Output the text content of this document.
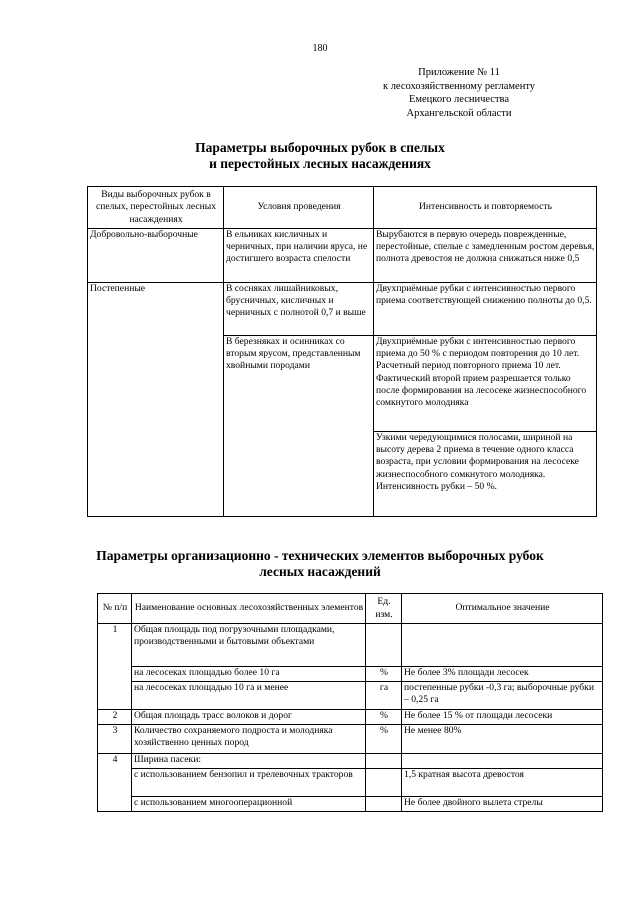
180
Приложение № 11
к лесохозяйственному регламенту
Емецкого лесничества
Архангельской области
Параметры выборочных рубок в спелых
и перестойных лесных насаждениях
Виды выборочных рубок в спелых, перестойных лесных насаждениях	Условия проведения	Интенсивность и повторяемость
Добровольно-выборочные	В ельниках кисличных и черничных, при наличии яруса, не достигшего возраста спелости	Вырубаются в первую очередь поврежденные, перестойные, спелые с замедленным ростом деревья, полнота древостоя не должна снижаться ниже 0,5
Постепенные	В сосняках лишайниковых, брусничных, кисличных и черничных с полнотой 0,7 и выше	Двухприёмные рубки с интенсивностью первого приема соответствующей снижению полноты до 0,5.
	В березняках и осинниках со вторым ярусом, представленным хвойными породами	Двухприёмные рубки с интенсивностью первого приема до 50 % с периодом повторения до 10 лет. Расчетный период повторного приема 10 лет. Фактический второй прием разрешается только после формирования на лесосеке жизнеспособного сомкнутого молодняка
		Узкими чередующимися полосами, шириной на высоту дерева 2 приема в течение одного класса возраста, при условии формирования на лесосеке жизнеспособного сомкнутого молодняка. Интенсивность рубки – 50 %.
Параметры организационно - технических элементов выборочных рубок
лесных насаждений
№ п/п	Наименование основных лесохозяйственных элементов	Ед. изм.	Оптимальное значение
1	Общая площадь под погрузочными площадками, производственными и бытовыми объектами		
	на лесосеках площадью более 10 га	%	Не более 3% площади лесосек
	на лесосеках площадью 10 га и менее	га	постепенные рубки -0,3 га; выборочные рубки – 0,25 га
2	Общая площадь трасс волоков и дорог	%	Не более 15 % от площади лесосеки
3	Количество сохраняемого подроста и молодняка хозяйственно ценных пород	%	Не менее 80%
4	Ширина пасеки:		
	с использованием бензопил и трелевочных тракторов		1,5 кратная высота древостоя
	с использованием многооперационной		Не более двойного вылета стрелы
